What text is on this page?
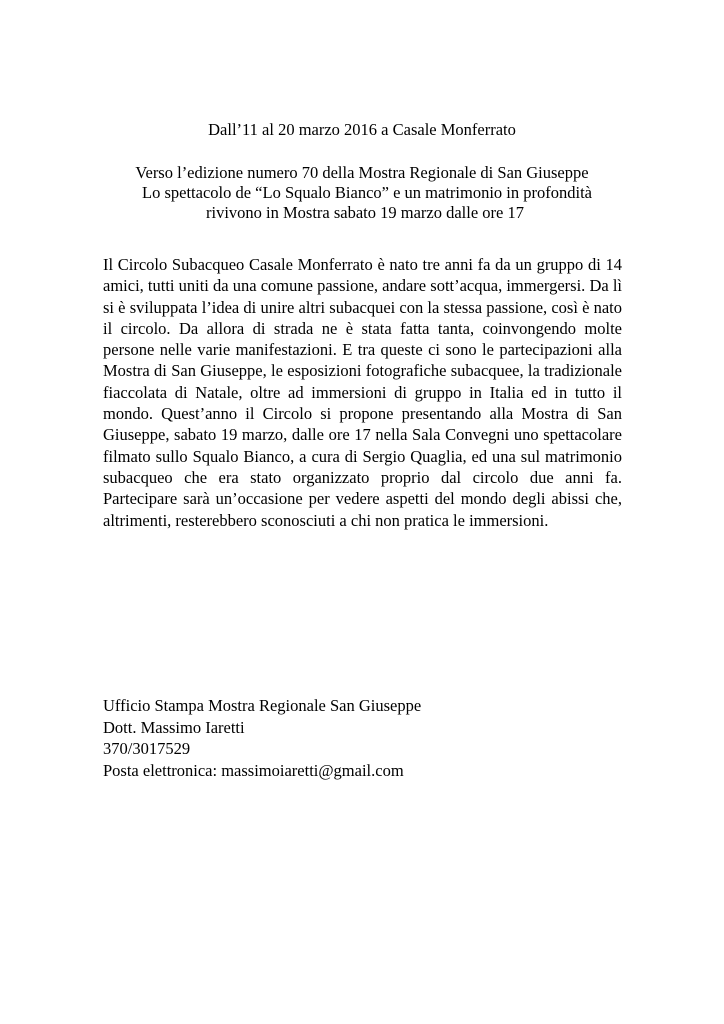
Dall’11 al 20 marzo 2016 a Casale Monferrato

Verso l’edizione numero 70 della Mostra Regionale di San Giuseppe
Lo spettacolo de “Lo Squalo Bianco” e un matrimonio in profondità
rivivono in Mostra sabato 19 marzo dalle ore 17

Il Circolo Subacqueo Casale Monferrato è nato tre anni fa da un gruppo di 14 amici, tutti uniti da una comune passione, andare sott’acqua, immergersi. Da lì si è sviluppata l’idea di unire altri subacquei con la stessa passione, così è nato il circolo. Da allora di strada ne è stata fatta tanta, coinvongendo molte persone nelle varie manifestazioni. E tra queste ci sono le partecipazioni alla Mostra di San Giuseppe, le esposizioni fotografiche subacquee, la tradizionale fiaccolata di Natale, oltre ad immersioni di gruppo in Italia ed in tutto il mondo. Quest’anno il Circolo si propone presentando alla Mostra di San Giuseppe, sabato 19 marzo, dalle ore 17 nella Sala Convegni uno spettacolare filmato sullo Squalo Bianco, a cura di Sergio Quaglia, ed una sul matrimonio subacqueo che era stato organizzato proprio dal circolo due anni fa. Partecipare sarà un’occasione per vedere aspetti del mondo degli abissi che, altrimenti, resterebbero sconosciuti a chi non pratica le immersioni.

Ufficio Stampa Mostra Regionale San Giuseppe
Dott. Massimo Iaretti
370/3017529
Posta elettronica: massimoiaretti@gmail.com
